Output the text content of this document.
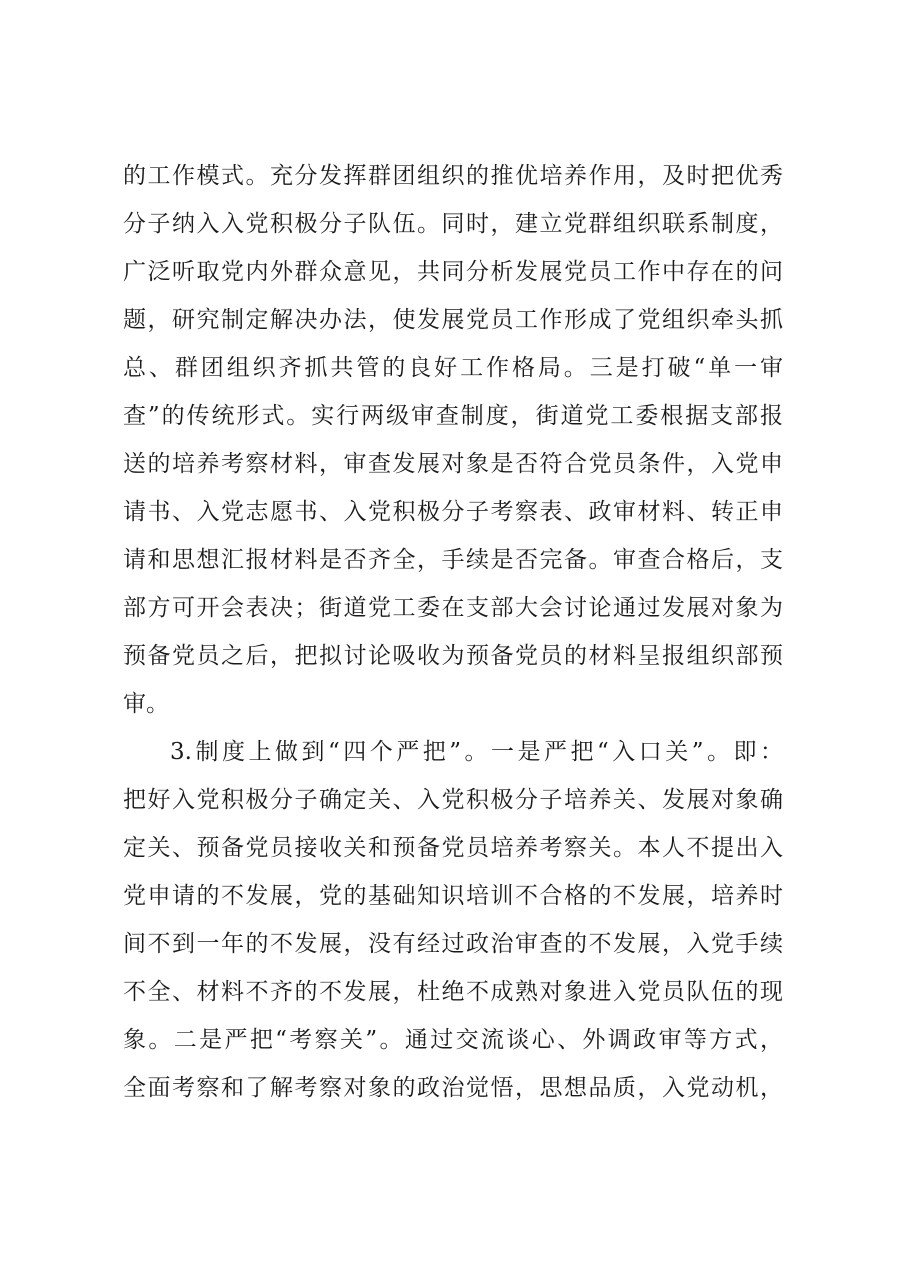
的工作模式。充分发挥群团组织的推优培养作用，及时把优秀
分子纳入入党积极分子队伍。同时，建立党群组织联系制度，
广泛听取党内外群众意见，共同分析发展党员工作中存在的问
题，研究制定解决办法，使发展党员工作形成了党组织牵头抓
总、群团组织齐抓共管的良好工作格局。三是打破“单一审
查”的传统形式。实行两级审查制度，街道党工委根据支部报
送的培养考察材料，审查发展对象是否符合党员条件，入党申
请书、入党志愿书、入党积极分子考察表、政审材料、转正申
请和思想汇报材料是否齐全，手续是否完备。审查合格后，支
部方可开会表决；街道党工委在支部大会讨论通过发展对象为
预备党员之后，把拟讨论吸收为预备党员的材料呈报组织部预
审。
3.制度上做到“四个严把”。一是严把“入口关”。即：
把好入党积极分子确定关、入党积极分子培养关、发展对象确
定关、预备党员接收关和预备党员培养考察关。本人不提出入
党申请的不发展，党的基础知识培训不合格的不发展，培养时
间不到一年的不发展，没有经过政治审查的不发展，入党手续
不全、材料不齐的不发展，杜绝不成熟对象进入党员队伍的现
象。二是严把“考察关”。通过交流谈心、外调政审等方式，
全面考察和了解考察对象的政治觉悟，思想品质，入党动机，
